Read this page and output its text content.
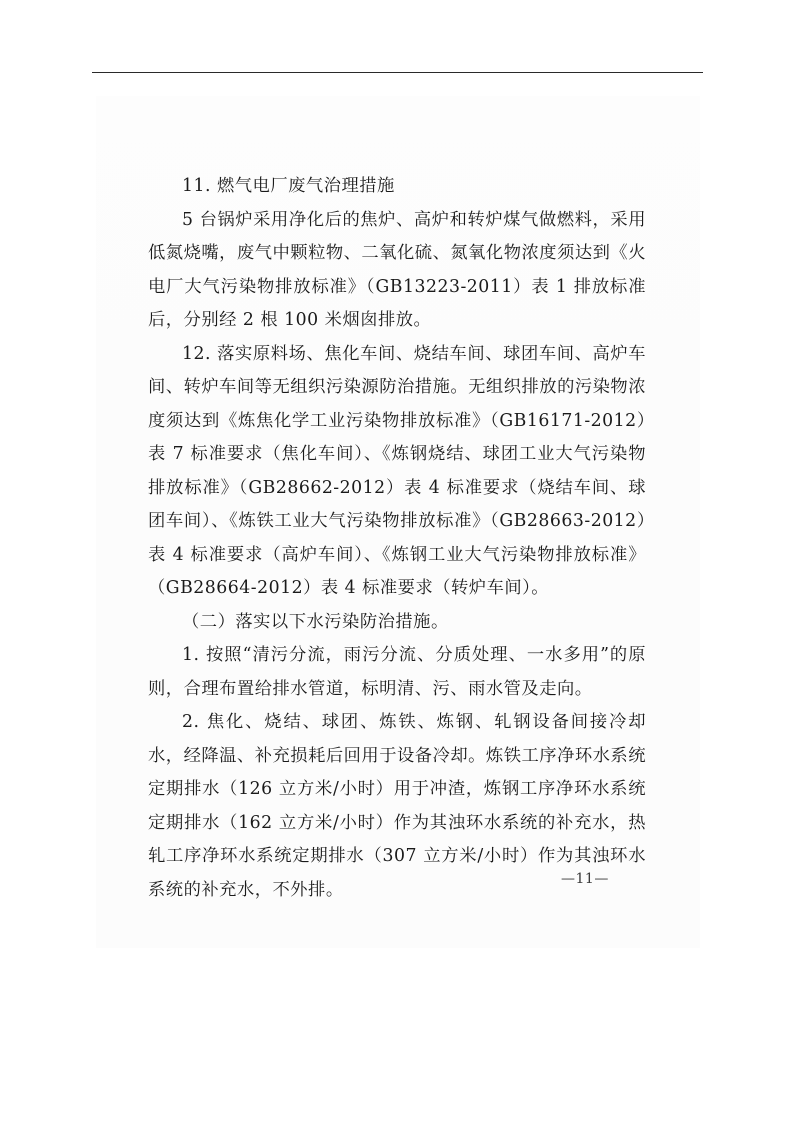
11. 燃气电厂废气治理措施

5 台锅炉采用净化后的焦炉、高炉和转炉煤气做燃料，采用低氮烧嘴，废气中颗粒物、二氧化硫、氮氧化物浓度须达到《火电厂大气污染物排放标准》（GB13223-2011）表 1 排放标准后，分别经 2 根 100 米烟囱排放。

12. 落实原料场、焦化车间、烧结车间、球团车间、高炉车间、转炉车间等无组织污染源防治措施。无组织排放的污染物浓度须达到《炼焦化学工业污染物排放标准》（GB16171-2012）表 7 标准要求（焦化车间）、《炼钢烧结、球团工业大气污染物排放标准》（GB28662-2012）表 4 标准要求（烧结车间、球团车间）、《炼铁工业大气污染物排放标准》（GB28663-2012）表 4 标准要求（高炉车间）、《炼钢工业大气污染物排放标准》（GB28664-2012）表 4 标准要求（转炉车间）。

（二）落实以下水污染防治措施。

1. 按照“清污分流，雨污分流、分质处理、一水多用”的原则，合理布置给排水管道，标明清、污、雨水管及走向。

2. 焦化、烧结、球团、炼铁、炼钢、轧钢设备间接冷却水，经降温、补充损耗后回用于设备冷却。炼铁工序净环水系统定期排水（126 立方米/小时）用于冲渣，炼钢工序净环水系统定期排水（162 立方米/小时）作为其浊环水系统的补充水，热轧工序净环水系统定期排水（307 立方米/小时）作为其浊环水系统的补充水，不外排。

—11—
